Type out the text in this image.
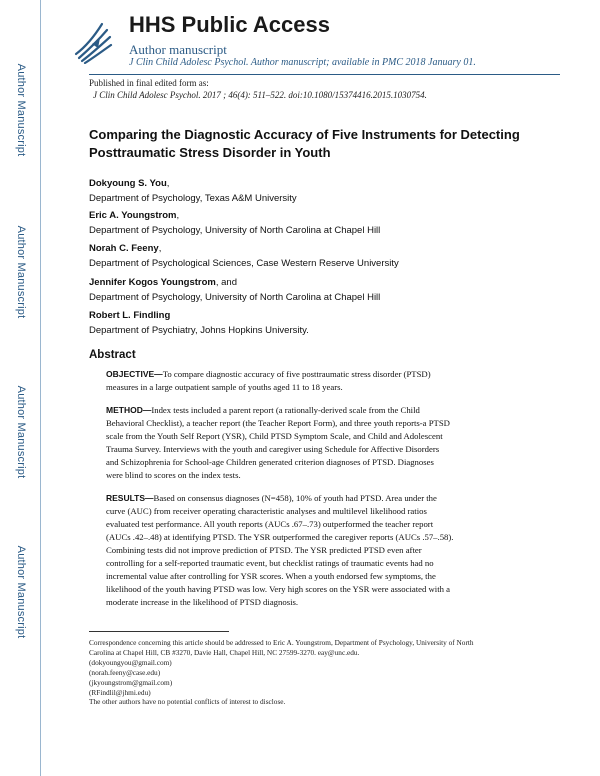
Author Manuscript
Author Manuscript
Author Manuscript
Author Manuscript
HHS Public Access
Author manuscript
J Clin Child Adolesc Psychol. Author manuscript; available in PMC 2018 January 01.
Published in final edited form as:
J Clin Child Adolesc Psychol. 2017 ; 46(4): 511–522. doi:10.1080/15374416.2015.1030754.
Comparing the Diagnostic Accuracy of Five Instruments for Detecting Posttraumatic Stress Disorder in Youth
Dokyoung S. You,
Department of Psychology, Texas A&M University
Eric A. Youngstrom,
Department of Psychology, University of North Carolina at Chapel Hill
Norah C. Feeny,
Department of Psychological Sciences, Case Western Reserve University
Jennifer Kogos Youngstrom, and
Department of Psychology, University of North Carolina at Chapel Hill
Robert L. Findling
Department of Psychiatry, Johns Hopkins University.
Abstract
OBJECTIVE—To compare diagnostic accuracy of five posttraumatic stress disorder (PTSD)
measures in a large outpatient sample of youths aged 11 to 18 years.
METHOD—Index tests included a parent report (a rationally-derived scale from the Child
Behavioral Checklist), a teacher report (the Teacher Report Form), and three youth reports-a PTSD
scale from the Youth Self Report (YSR), Child PTSD Symptom Scale, and Child and Adolescent
Trauma Survey. Interviews with the youth and caregiver using Schedule for Affective Disorders
and Schizophrenia for School-age Children generated criterion diagnoses of PTSD. Diagnoses
were blind to scores on the index tests.
RESULTS—Based on consensus diagnoses (N=458), 10% of youth had PTSD. Area under the
curve (AUC) from receiver operating characteristic analyses and multilevel likelihood ratios
evaluated test performance. All youth reports (AUCs .67–.73) outperformed the teacher report
(AUCs .42–.48) at identifying PTSD. The YSR outperformed the caregiver reports (AUCs .57–.58).
Combining tests did not improve prediction of PTSD. The YSR predicted PTSD even after
controlling for a self-reported traumatic event, but checklist ratings of traumatic events had no
incremental value after controlling for YSR scores. When a youth endorsed few symptoms, the
likelihood of the youth having PTSD was low. Very high scores on the YSR were associated with a
moderate increase in the likelihood of PTSD diagnosis.
Correspondence concerning this article should be addressed to Eric A. Youngstrom, Department of Psychology, University of North
Carolina at Chapel Hill, CB #3270, Davie Hall, Chapel Hill, NC 27599-3270. eay@unc.edu.
(dokyoungyou@gmail.com)
(norah.feeny@case.edu)
(jkyoungstrom@gmail.com)
(RFindlil@jhmi.edu)
The other authors have no potential conflicts of interest to disclose.
